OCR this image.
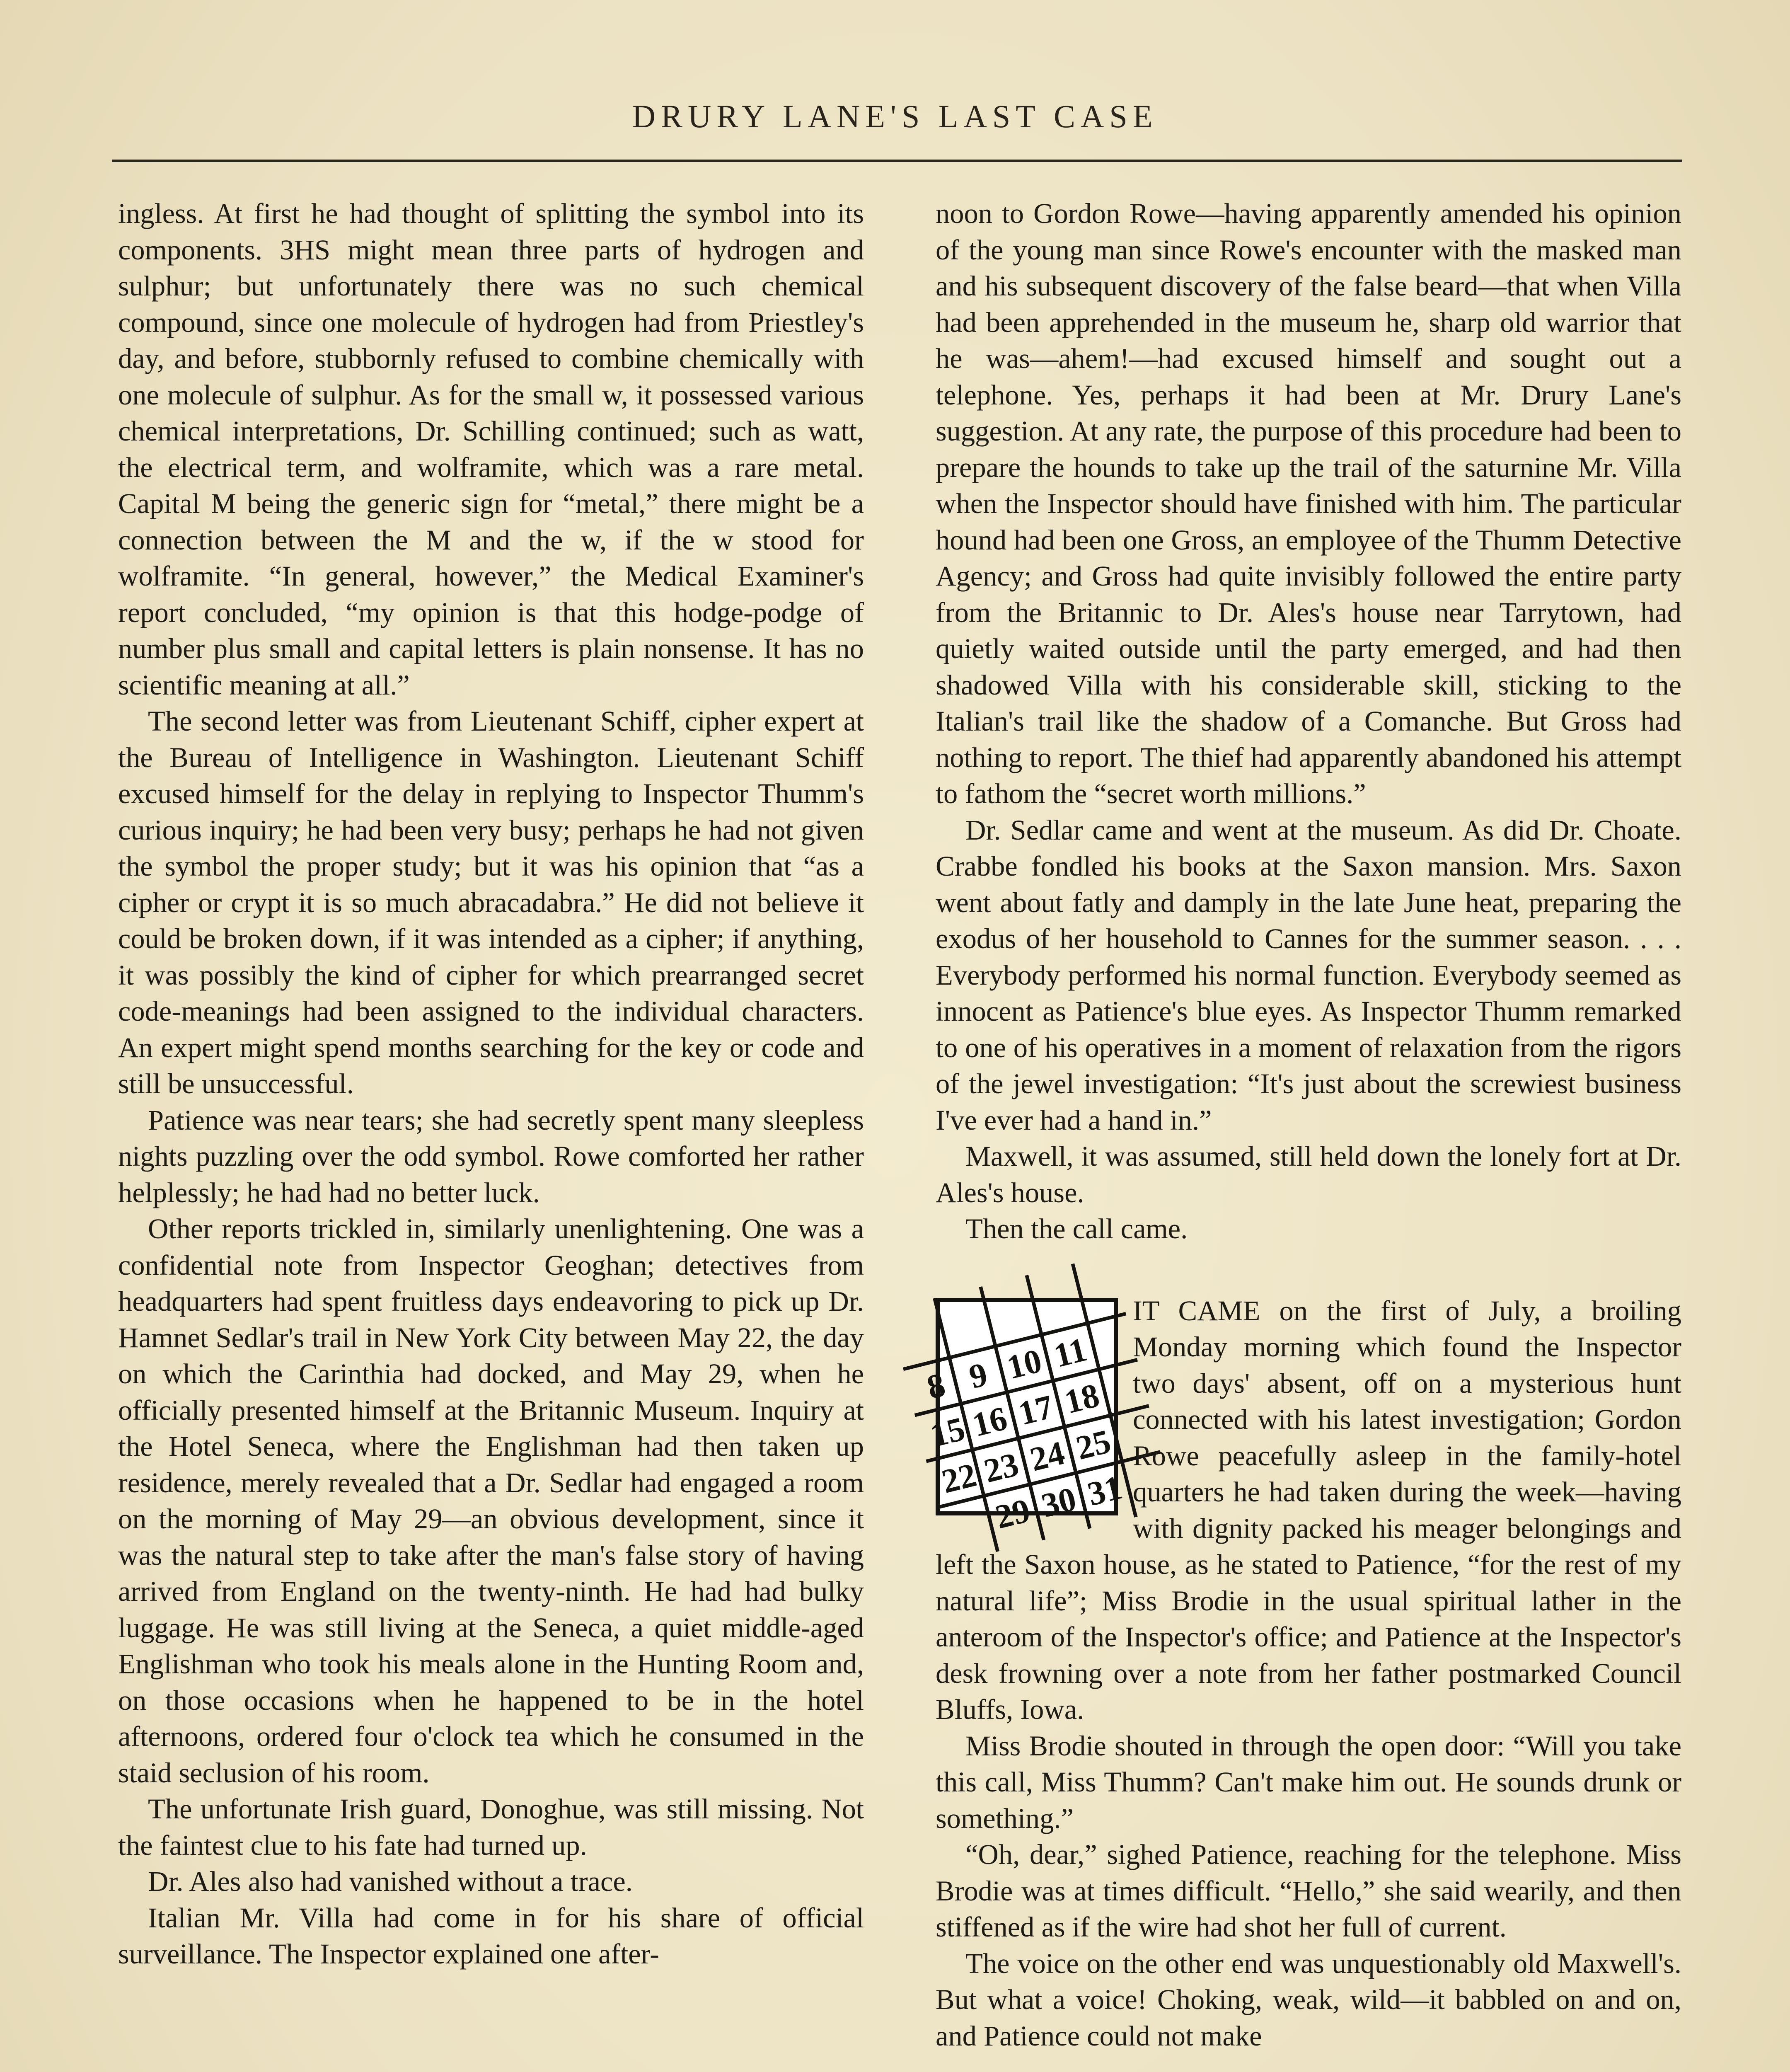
DRURY LANE'S LAST CASE

ingless. At first he had thought of splitting the symbol into its components. 3HS might mean three parts of hydrogen and sulphur; but unfortunately there was no such chemical compound, since one molecule of hydrogen had from Priestley's day, and before, stubbornly refused to combine chemically with one molecule of sulphur. As for the small w, it possessed various chemical interpretations, Dr. Schilling continued; such as watt, the electrical term, and wolframite, which was a rare metal. Capital M being the generic sign for “metal,” there might be a connection between the M and the w, if the w stood for wolframite. “In general, however,” the Medical Examiner's report concluded, “my opinion is that this hodge-podge of number plus small and capital letters is plain nonsense. It has no scientific meaning at all.”

The second letter was from Lieutenant Schiff, cipher expert at the Bureau of Intelligence in Washington. Lieutenant Schiff excused himself for the delay in replying to Inspector Thumm's curious inquiry; he had been very busy; perhaps he had not given the symbol the proper study; but it was his opinion that “as a cipher or crypt it is so much abracadabra.” He did not believe it could be broken down, if it was intended as a cipher; if anything, it was possibly the kind of cipher for which prearranged secret code-meanings had been assigned to the individual characters. An expert might spend months searching for the key or code and still be unsuccessful.

Patience was near tears; she had secretly spent many sleepless nights puzzling over the odd symbol. Rowe comforted her rather helplessly; he had had no better luck.

Other reports trickled in, similarly unenlightening. One was a confidential note from Inspector Geoghan; detectives from headquarters had spent fruitless days endeavoring to pick up Dr. Hamnet Sedlar's trail in New York City between May 22, the day on which the Carinthia had docked, and May 29, when he officially presented himself at the Britannic Museum. Inquiry at the Hotel Seneca, where the Englishman had then taken up residence, merely revealed that a Dr. Sedlar had engaged a room on the morning of May 29—an obvious development, since it was the natural step to take after the man's false story of having arrived from England on the twenty-ninth. He had had bulky luggage. He was still living at the Seneca, a quiet middle-aged Englishman who took his meals alone in the Hunting Room and, on those occasions when he happened to be in the hotel afternoons, ordered four o'clock tea which he consumed in the staid seclusion of his room.

The unfortunate Irish guard, Donoghue, was still missing. Not the faintest clue to his fate had turned up.

Dr. Ales also had vanished without a trace.

Italian Mr. Villa had come in for his share of official surveillance. The Inspector explained one after-

noon to Gordon Rowe—having apparently amended his opinion of the young man since Rowe's encounter with the masked man and his subsequent discovery of the false beard—that when Villa had been apprehended in the museum he, sharp old warrior that he was—ahem!—had excused himself and sought out a telephone. Yes, perhaps it had been at Mr. Drury Lane's suggestion. At any rate, the purpose of this procedure had been to prepare the hounds to take up the trail of the saturnine Mr. Villa when the Inspector should have finished with him. The particular hound had been one Gross, an employee of the Thumm Detective Agency; and Gross had quite invisibly followed the entire party from the Britannic to Dr. Ales's house near Tarrytown, had quietly waited outside until the party emerged, and had then shadowed Villa with his considerable skill, sticking to the Italian's trail like the shadow of a Comanche. But Gross had nothing to report. The thief had apparently abandoned his attempt to fathom the “secret worth millions.”

Dr. Sedlar came and went at the museum. As did Dr. Choate. Crabbe fondled his books at the Saxon mansion. Mrs. Saxon went about fatly and damply in the late June heat, preparing the exodus of her household to Cannes for the summer season. . . . Everybody performed his normal function. Everybody seemed as innocent as Patience's blue eyes. As Inspector Thumm remarked to one of his operatives in a moment of relaxation from the rigors of the jewel investigation: “It's just about the screwiest business I've ever had a hand in.”

Maxwell, it was assumed, still held down the lonely fort at Dr. Ales's house.

Then the call came.

9 10 11
8
16 17 18
15
23 24 25
22
30 31
29

IT CAME on the first of July, a broiling Monday morning which found the Inspector two days' absent, off on a mysterious hunt connected with his latest investigation; Gordon Rowe peacefully asleep in the family-hotel quarters he had taken during the week—having with dignity packed his meager belongings and left the Saxon house, as he stated to Patience, “for the rest of my natural life”; Miss Brodie in the usual spiritual lather in the anteroom of the Inspector's office; and Patience at the Inspector's desk frowning over a note from her father postmarked Council Bluffs, Iowa.

Miss Brodie shouted in through the open door: “Will you take this call, Miss Thumm? Can't make him out. He sounds drunk or something.”

“Oh, dear,” sighed Patience, reaching for the telephone. Miss Brodie was at times difficult. “Hello,” she said wearily, and then stiffened as if the wire had shot her full of current.

The voice on the other end was unquestionably old Maxwell's. But what a voice! Choking, weak, wild—it babbled on and on, and Patience could not make
